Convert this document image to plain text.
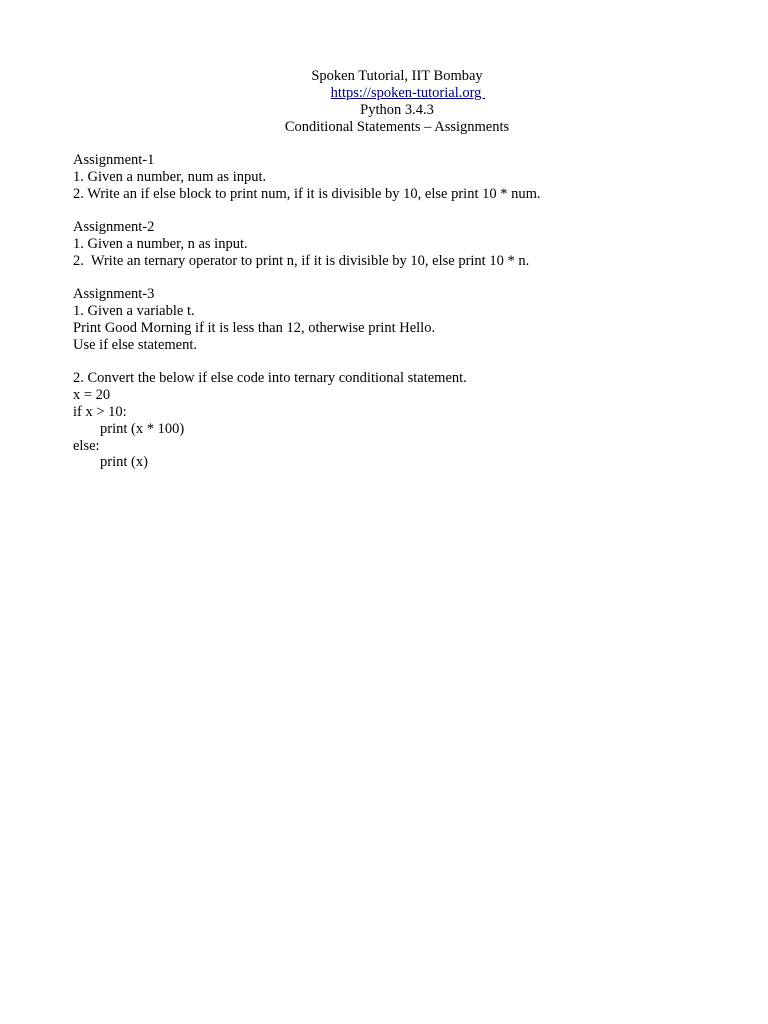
Spoken Tutorial, IIT Bombay
https://spoken-tutorial.org
Python 3.4.3
Conditional Statements – Assignments
Assignment-1
1. Given a number, num as input.
2. Write an if else block to print num, if it is divisible by 10, else print 10 * num.
Assignment-2
1. Given a number, n as input.
2.  Write an ternary operator to print n, if it is divisible by 10, else print 10 * n.
Assignment-3
1. Given a variable t.
Print Good Morning if it is less than 12, otherwise print Hello.
Use if else statement.
2. Convert the below if else code into ternary conditional statement.
x = 20
if x > 10:
print (x * 100)
else:
print (x)
